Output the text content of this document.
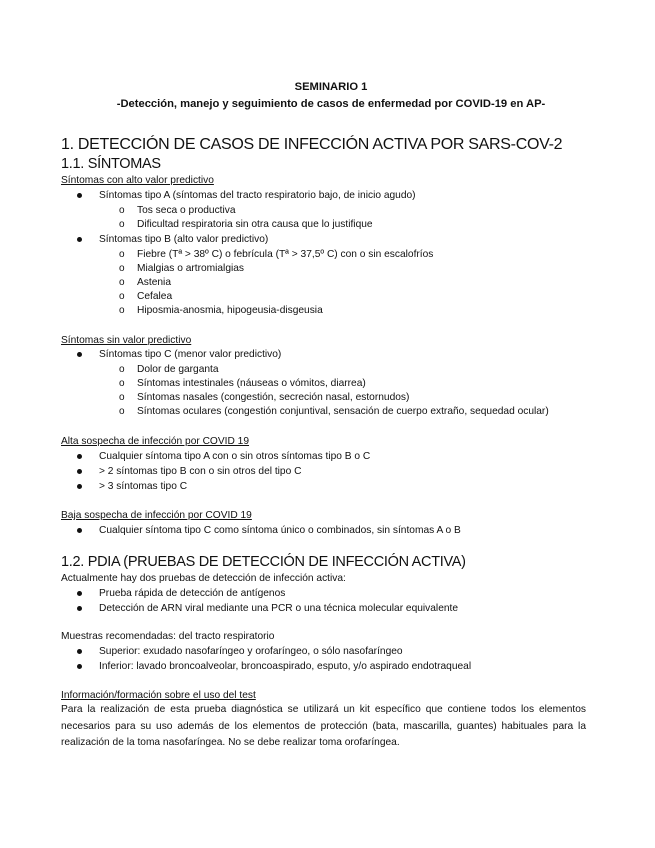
SEMINARIO 1
-Detección, manejo y seguimiento de casos de enfermedad por COVID-19 en AP-
1. DETECCIÓN DE CASOS DE INFECCIÓN ACTIVA POR SARS-COV-2
1.1. SÍNTOMAS
Síntomas con alto valor predictivo
Síntomas tipo A (síntomas del tracto respiratorio bajo, de inicio agudo)
o Tos seca o productiva
o Dificultad respiratoria sin otra causa que lo justifique
Síntomas tipo B (alto valor predictivo)
o Fiebre (Tª > 38º C) o febrícula (Tª > 37,5º C) con o sin escalofríos
o Mialgias o artromialgias
o Astenia
o Cefalea
o Hiposmia-anosmia, hipogeusia-disgeusia
Síntomas sin valor predictivo
Síntomas tipo C (menor valor predictivo)
o Dolor de garganta
o Síntomas intestinales (náuseas o vómitos, diarrea)
o Síntomas nasales (congestión, secreción nasal, estornudos)
o Síntomas oculares (congestión conjuntival, sensación de cuerpo extraño, sequedad ocular)
Alta sospecha de infección por COVID 19
Cualquier síntoma tipo A con o sin otros síntomas tipo B o C
> 2 síntomas tipo B con o sin otros del tipo C
> 3 síntomas tipo C
Baja sospecha de infección por COVID 19
Cualquier síntoma tipo C como síntoma único o combinados, sin síntomas A o B
1.2. PDIA (PRUEBAS DE DETECCIÓN DE INFECCIÓN ACTIVA)
Actualmente hay dos pruebas de detección de infección activa:
Prueba rápida de detección de antígenos
Detección de ARN viral mediante una PCR o una técnica molecular equivalente
Muestras recomendadas: del tracto respiratorio
Superior: exudado nasofaríngeo y orofaríngeo, o sólo nasofaríngeo
Inferior: lavado broncoalveolar, broncoaspirado, esputo, y/o aspirado endotraqueal
Información/formación sobre el uso del test
Para la realización de esta prueba diagnóstica se utilizará un kit específico que contiene todos los elementos necesarios para su uso además de los elementos de protección (bata, mascarilla, guantes) habituales para la realización de la toma nasofaríngea. No se debe realizar toma orofaríngea.
